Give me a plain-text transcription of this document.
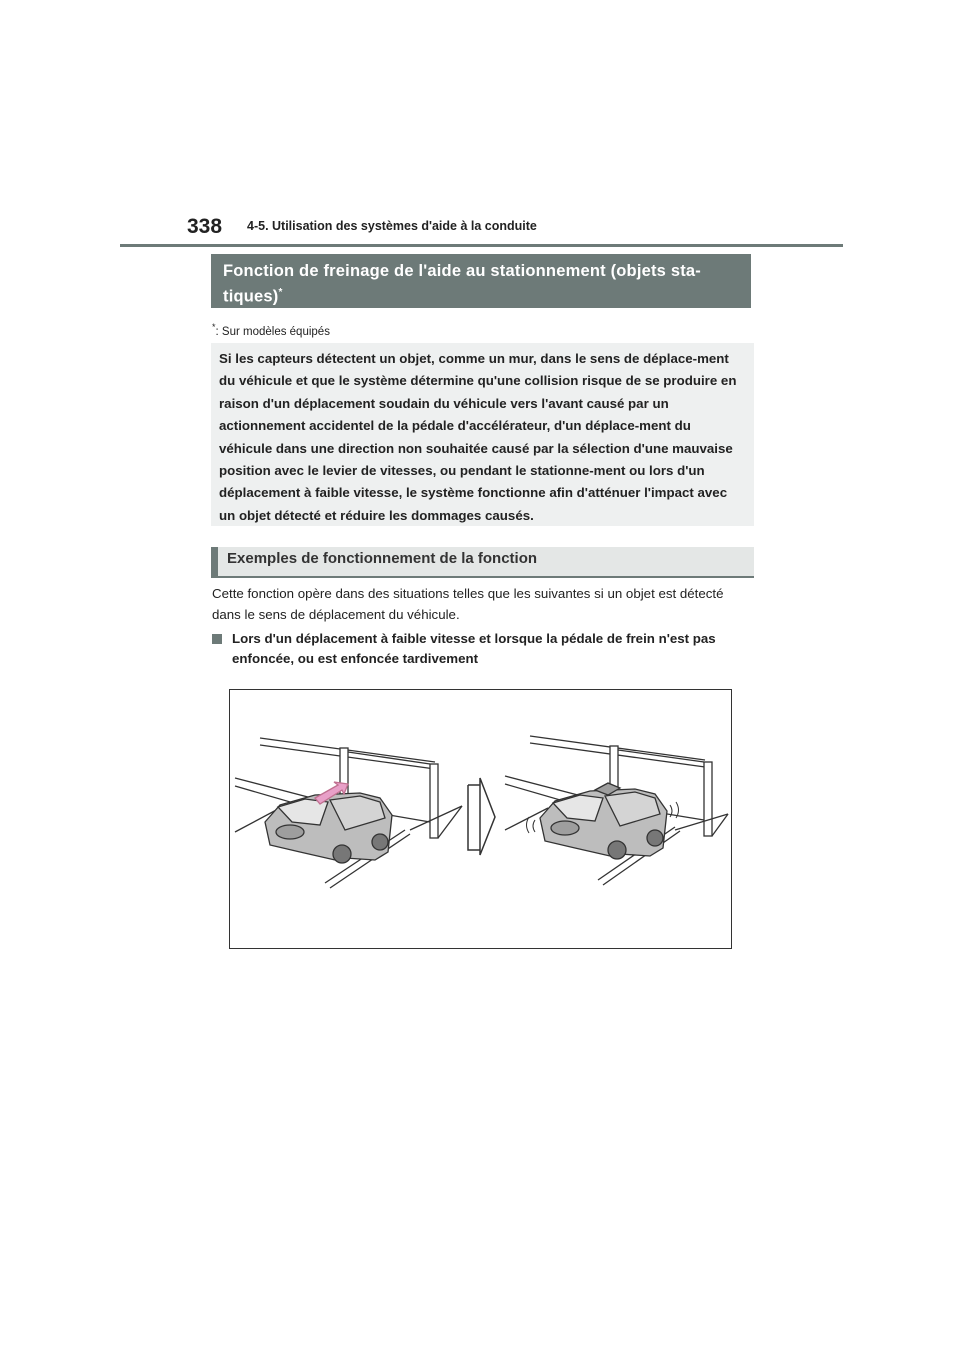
338 4-5. Utilisation des systèmes d'aide à la conduite
Fonction de freinage de l'aide au stationnement (objets sta-tiques)*
*: Sur modèles équipés
Si les capteurs détectent un objet, comme un mur, dans le sens de déplace-ment du véhicule et que le système détermine qu'une collision risque de se produire en raison d'un déplacement soudain du véhicule vers l'avant causé par un actionnement accidentel de la pédale d'accélérateur, d'un déplace-ment du véhicule dans une direction non souhaitée causé par la sélection d'une mauvaise position avec le levier de vitesses, ou pendant le stationne-ment ou lors d'un déplacement à faible vitesse, le système fonctionne afin d'atténuer l'impact avec un objet détecté et réduire les dommages causés.
Exemples de fonctionnement de la fonction
Cette fonction opère dans des situations telles que les suivantes si un objet est détecté dans le sens de déplacement du véhicule.
Lors d'un déplacement à faible vitesse et lorsque la pédale de frein n'est pas enfoncée, ou est enfoncée tardivement
